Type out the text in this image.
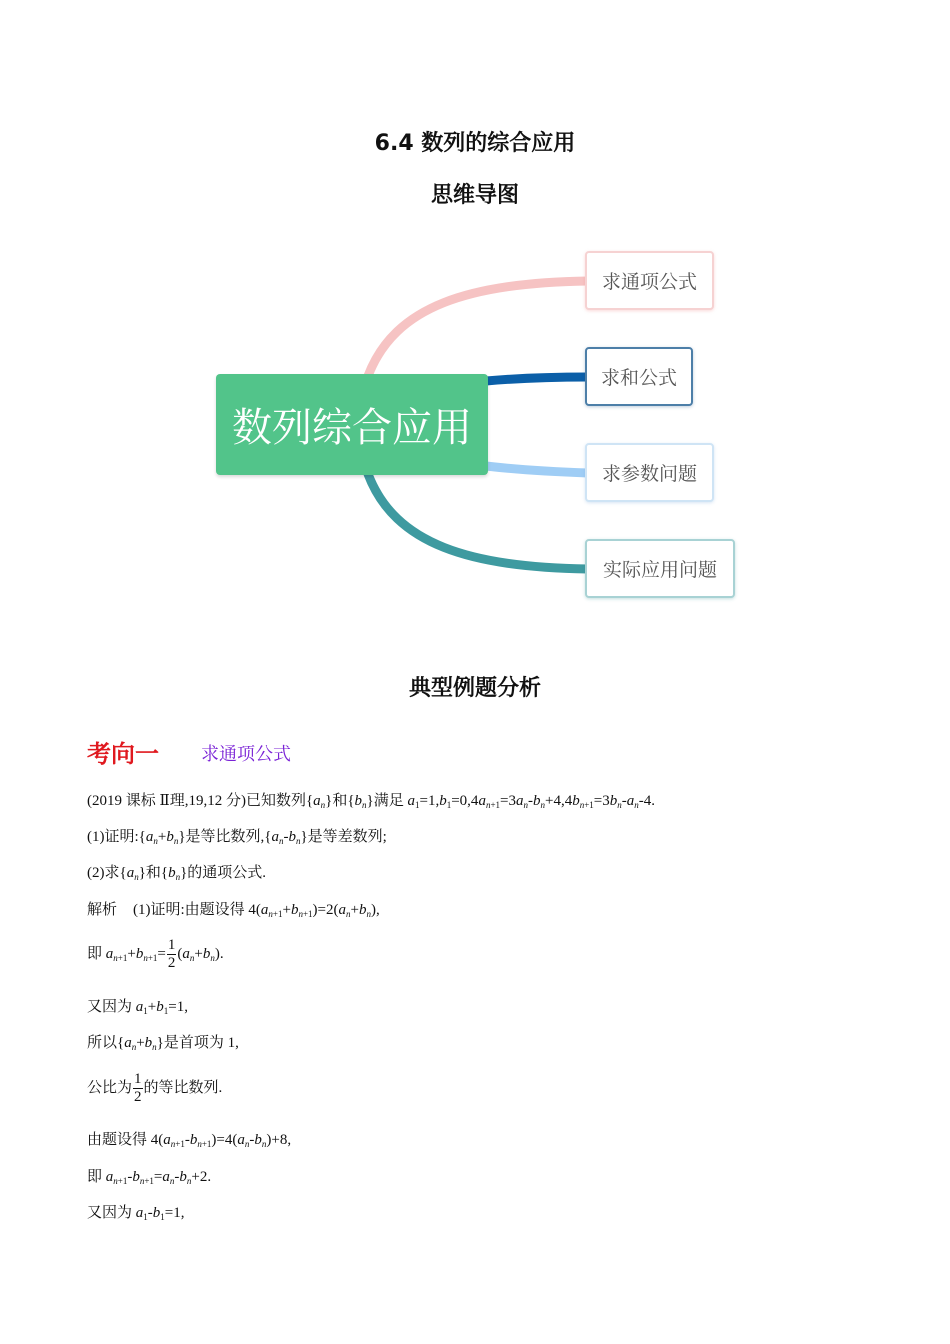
6.4 数列的综合应用
思维导图
数列综合应用
求通项公式
求和公式
求参数问题
实际应用问题
典型例题分析
考向一 求通项公式
(2019 课标 Ⅱ理,19,12 分)已知数列$\{a_n\}$和$\{b_n\}$满足 $a_1=1,b_1=0,4a_{n+1}=3a_n-b_n+4,4b_{n+1}=3b_n-a_n-4$.
(1)证明$:\{a_n+b_n\}$是等比数列$,\{a_n-b_n\}$是等差数列;
(2)求$\{a_n\}$和$\{b_n\}$的通项公式.
解析 (1)证明:由题设得 $4(a_{n+1}+b_{n+1})=2(a_n+b_n)$,
即 $a_{n+1}+b_{n+1}= \frac{1}{2} (a_n+b_n)$.
又因为 $a_1+b_1=1$,
所以$\{a_n+b_n\}$是首项为 1,
公比为 $\frac{1}{2}$ 的等比数列.
由题设得 $4(a_{n+1}-b_{n+1})=4(a_n-b_n)+8$,
即 $a_{n+1}-b_{n+1}=a_n-b_n+2$.
又因为 $a_1-b_1=1$,
